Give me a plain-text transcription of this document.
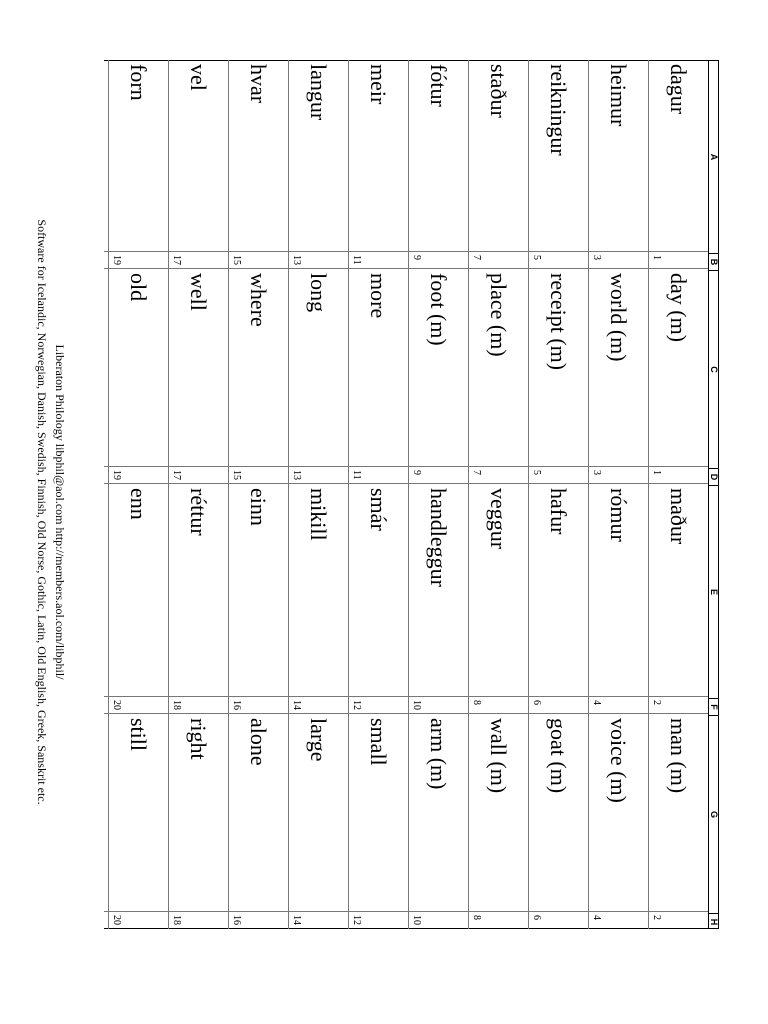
A
B
C
D
E
F
G
H
dagur
1
day (m)
1
maður
2
man (m)
2
heimur
3
world (m)
3
rómur
4
voice (m)
4
reikningur
5
receipt (m)
5
hafur
6
goat (m)
6
staður
7
place (m)
7
veggur
8
wall (m)
8
fótur
9
foot (m)
9
handleggur
10
arm (m)
10
meir
11
more
11
smár
12
small
12
langur
13
long
13
mikill
14
large
14
hvar
15
where
15
einn
16
alone
16
vel
17
well
17
réttur
18
right
18
forn
19
old
19
enn
20
still
20
Liberaton Philology libphil@aol.com http://members.aol.com/libphil/
Software for Icelandic, Norwegian, Danish, Swedish, Finnish, Old Norse, Gothic, Latin, Old English, Greek, Sanskrit etc.
